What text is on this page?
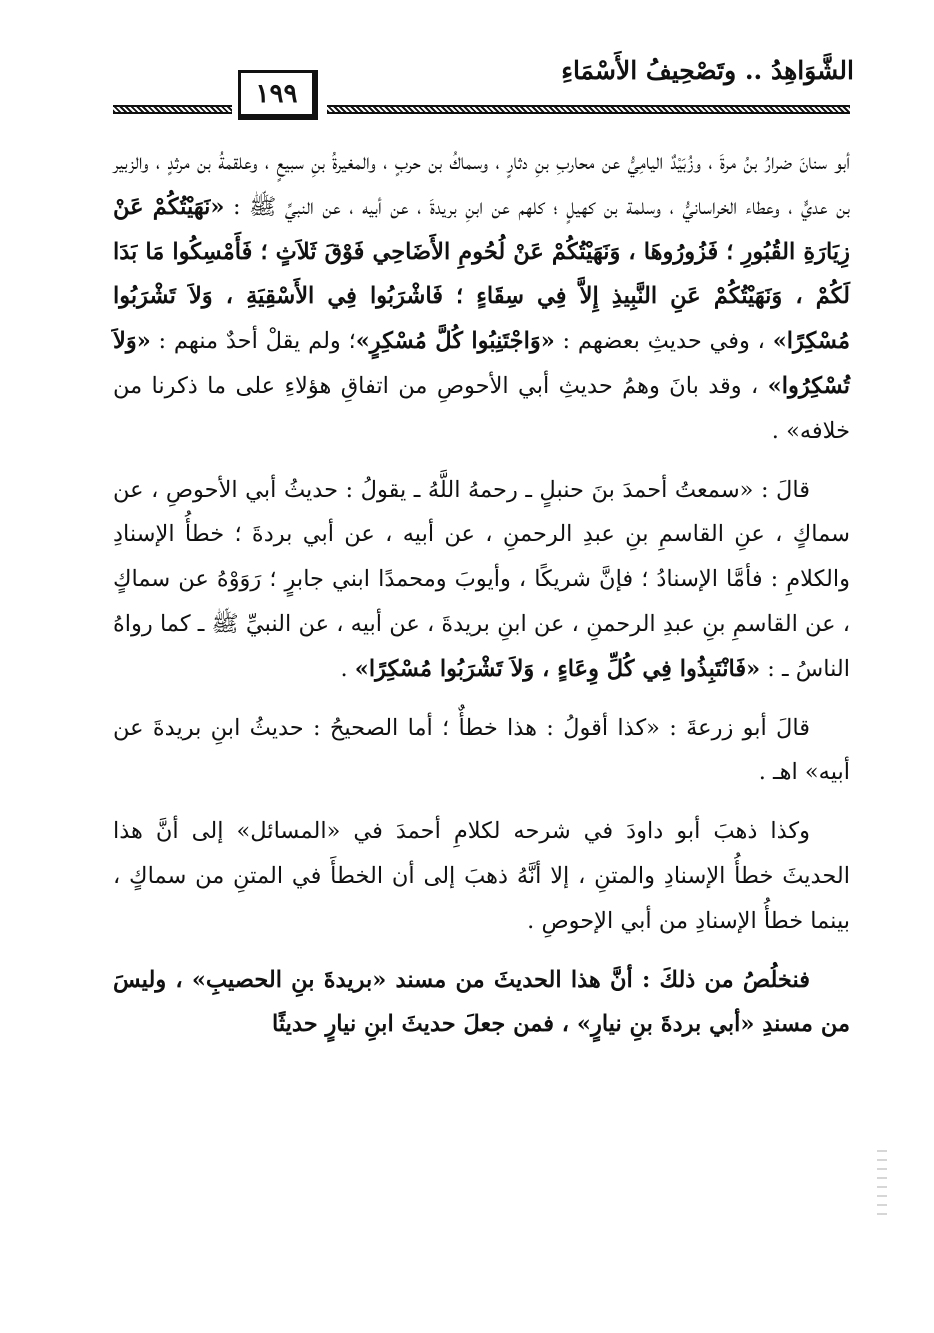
الشَّوَاهِدُ .. وتَصْحِيفُ الأَسْمَاءِ
١٩٩

أبو سنانَ ضرارُ بنُ مرةَ ، وزُبَيْدٌ اليامِيُّ عن محاربِ بنِ دثارٍ ، وسماكُ بن حربٍ ، والمغيرةُ بنِ سبيعٍ ، وعلقمةُ بن مرثدٍ ، والزبير بن عديٍّ ، وعطاء الخراسانيُّ ، وسلمة بن كهيلٍ ؛ كلهم عن ابنِ بريدةَ ، عن أبيه ، عن النبيِّ ﷺ : «نَهَيْتُكُمْ عَنْ زِيَارَةِ القُبُورِ ؛ فَزُورُوهَا ، وَنَهَيْتُكُمْ عَنْ لُحُومِ الأَضَاحِي فَوْقَ ثَلاَثٍ ؛ فَأَمْسِكُوا مَا بَدَا لَكُمْ ، وَنَهَيْتُكُمْ عَنِ النَّبِيذِ إِلاَّ فِي سِقَاءٍ ؛ فَاشْرَبُوا فِي الأَسْقِيَةِ ، وَلاَ تَشْرَبُوا مُسْكِرًا» ، وفي حديثِ بعضهم : «وَاجْتَنِبُوا كُلَّ مُسْكِرٍ»؛ ولم يقلْ أحدٌ منهم : «وَلاَ تُسْكِرُوا» ، وقد بانَ وهمُ حديثِ أبي الأحوصِ من اتفاقِ هؤلاءِ على ما ذكرنا من خلافه» .

قالَ : «سمعتُ أحمدَ بنَ حنبلٍ ـ رحمهُ اللَّهُ ـ يقولُ : حديثُ أبي الأحوصِ ، عن سماكٍ ، عنِ القاسمِ بنِ عبدِ الرحمنِ ، عن أبيه ، عن أبي بردةَ ؛ خطأُ الإسنادِ والكلامِ : فأمَّا الإسنادُ ؛ فإنَّ شريكًا ، وأيوبَ ومحمدًا ابني جابرٍ ؛ رَوَوْهُ عن سماكٍ ، عن القاسمِ بنِ عبدِ الرحمنِ ، عن ابنِ بريدةَ ، عن أبيه ، عن النبيِّ ﷺ ـ كما رواهُ الناسُ ـ : «فَانْتَبِذُوا فِي كُلِّ وِعَاءٍ ، وَلاَ تَشْرَبُوا مُسْكِرًا» .

قالَ أبو زرعةَ : «كذا أقولُ : هذا خطأٌ ؛ أما الصحيحُ : حديثُ ابنِ بريدةَ عن أبيه» اهـ .

وكذا ذهبَ أبو داودَ في شرحه لكلامِ أحمدَ في «المسائل» إلى أنَّ هذا الحديثَ خطأُ الإسنادِ والمتنِ ، إلا أنَّهُ ذهبَ إلى أن الخطأَ في المتنِ من سماكٍ ، بينما خطأُ الإسنادِ من أبي الإحوصِ .

فنخلُصُ من ذلكَ : أنَّ هذا الحديثَ من مسند «بريدةَ بنِ الحصيبِ» ، وليسَ من مسندِ «أبي بردةَ بنِ نيارٍ» ، فمن جعلَ حديثَ ابنِ نيارٍ حديثًا
